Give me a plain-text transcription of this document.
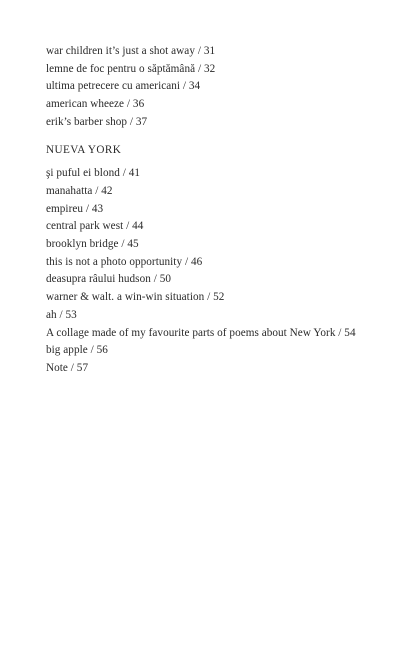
war children it’s just a shot away / 31
lemne de foc pentru o săptămână / 32
ultima petrecere cu americani / 34
american wheeze / 36
erik’s barber shop / 37
NUEVA YORK
şi puful ei blond / 41
manahatta / 42
empireu / 43
central park west / 44
brooklyn bridge / 45
this is not a photo opportunity / 46
deasupra râului hudson / 50
warner & walt. a win-win situation / 52
ah / 53
A collage made of my favourite parts of poems about New York / 54
big apple / 56
Note / 57
